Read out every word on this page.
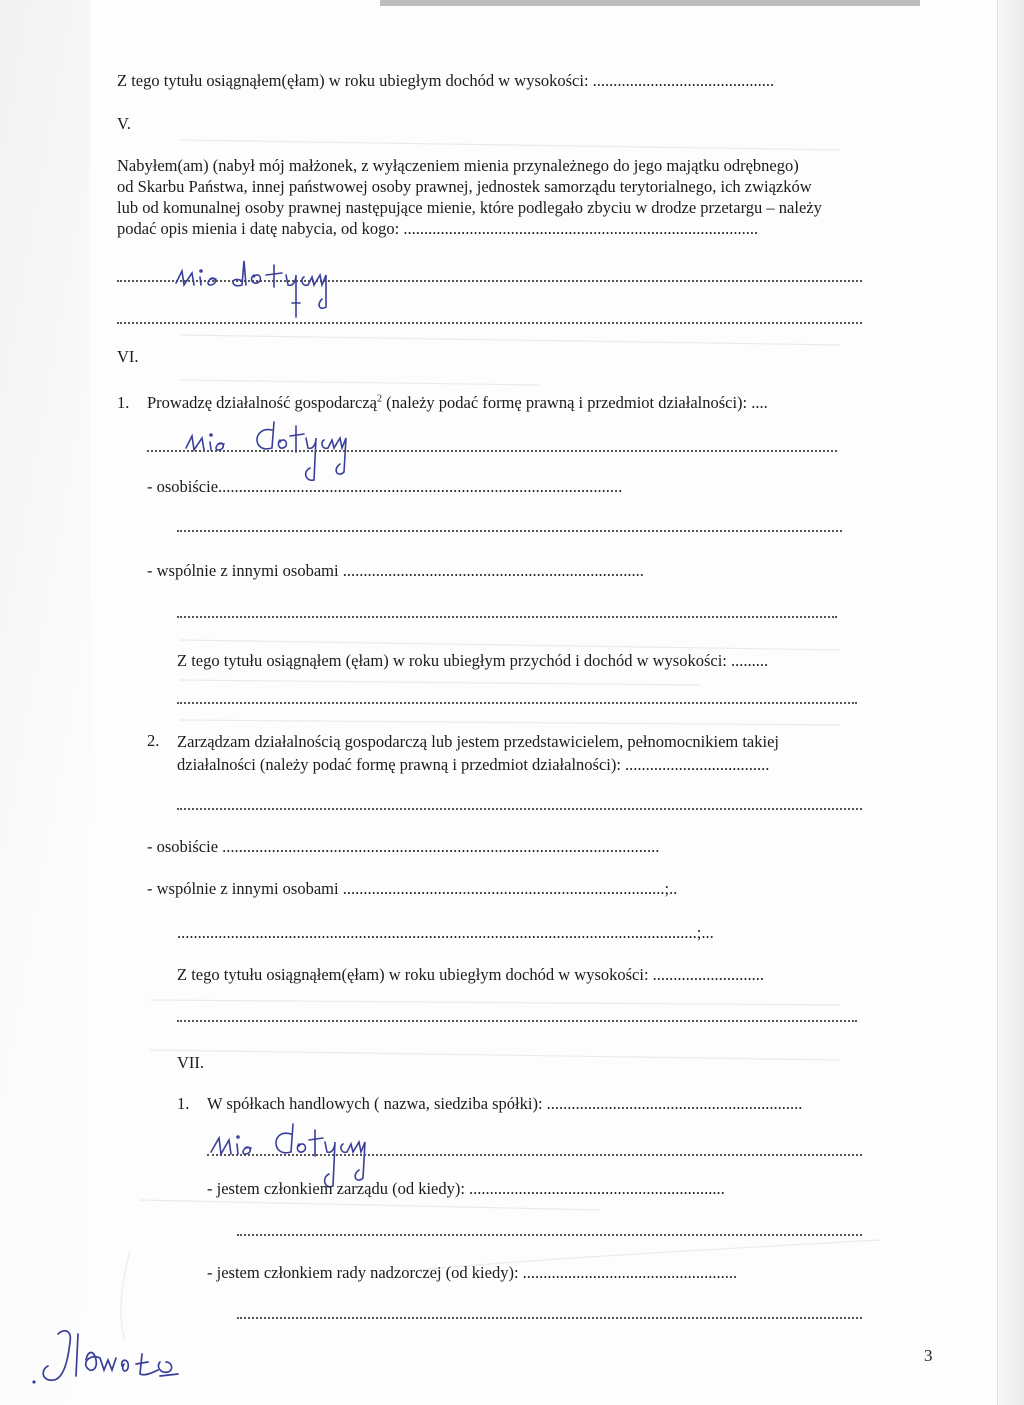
Z tego tytułu osiągnąłem(ęłam) w roku ubiegłym dochód w wysokości: ............................................
V.
Nabyłem(am) (nabył mój małżonek, z wyłączeniem mienia przynależnego do jego majątku odrębnego)
od Skarbu Państwa, innej państwowej osoby prawnej, jednostek samorządu terytorialnego, ich związków
lub od komunalnej osoby prawnej następujące mienie, które podlegało zbyciu w drodze przetargu – należy
podać opis mienia i datę nabycia, od kogo: ......................................................................................
VI.
1. Prowadzę działalność gospodarczą$^2$ (należy podać formę prawną i przedmiot działalności): ....
- osobiście..................................................................................................
- wspólnie z innymi osobami .........................................................................
Z tego tytułu osiągnąłem (ęłam) w roku ubiegłym przychód i dochód w wysokości: .........
2. Zarządzam działalnością gospodarczą lub jestem przedstawicielem, pełnomocnikiem takiej
działalności (należy podać formę prawną i przedmiot działalności): ...................................
- osobiście ..........................................................................................................
- wspólnie z innymi osobami ..............................................................................;..
..............................................................................................................................;...
Z tego tytułu osiągnąłem(ęłam) w roku ubiegłym dochód w wysokości: ...........................
VII.
1. W spółkach handlowych ( nazwa, siedziba spółki): ..............................................................
- jestem członkiem zarządu (od kiedy): ..............................................................
- jestem członkiem rady nadzorczej (od kiedy): ....................................................
3
